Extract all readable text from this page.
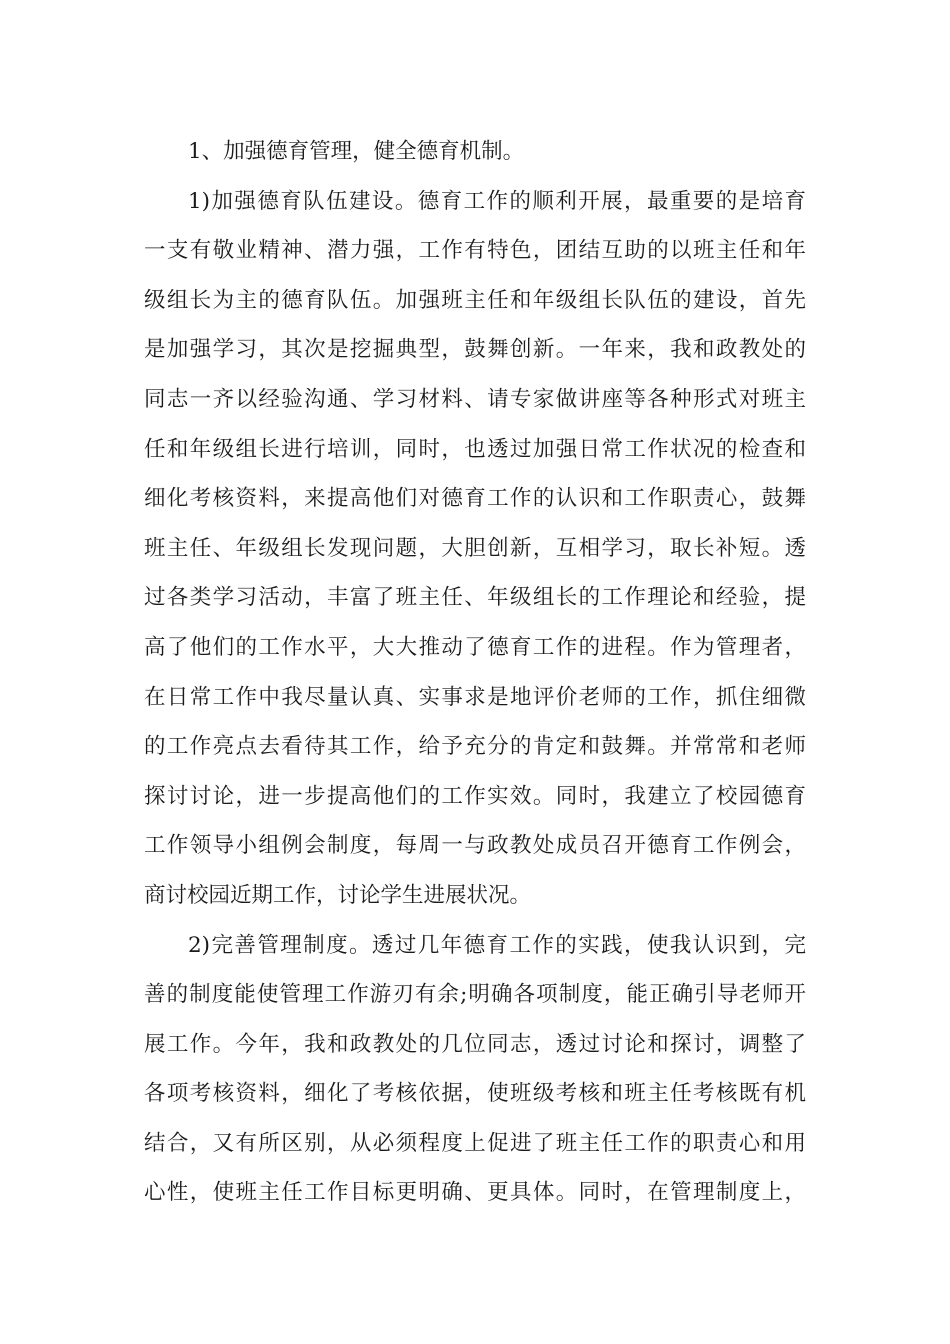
1、加强德育管理，健全德育机制。
1)加强德育队伍建设。德育工作的顺利开展，最重要的是培育
一支有敬业精神、潜力强，工作有特色，团结互助的以班主任和年
级组长为主的德育队伍。加强班主任和年级组长队伍的建设，首先
是加强学习，其次是挖掘典型，鼓舞创新。一年来，我和政教处的
同志一齐以经验沟通、学习材料、请专家做讲座等各种形式对班主
任和年级组长进行培训，同时，也透过加强日常工作状况的检查和
细化考核资料，来提高他们对德育工作的认识和工作职责心，鼓舞
班主任、年级组长发现问题，大胆创新，互相学习，取长补短。透
过各类学习活动，丰富了班主任、年级组长的工作理论和经验，提
高了他们的工作水平，大大推动了德育工作的进程。作为管理者，
在日常工作中我尽量认真、实事求是地评价老师的工作，抓住细微
的工作亮点去看待其工作，给予充分的肯定和鼓舞。并常常和老师
探讨讨论，进一步提高他们的工作实效。同时，我建立了校园德育
工作领导小组例会制度，每周一与政教处成员召开德育工作例会，
商讨校园近期工作，讨论学生进展状况。
2)完善管理制度。透过几年德育工作的实践，使我认识到，完
善的制度能使管理工作游刃有余;明确各项制度，能正确引导老师开
展工作。今年，我和政教处的几位同志，透过讨论和探讨，调整了
各项考核资料，细化了考核依据，使班级考核和班主任考核既有机
结合，又有所区别，从必须程度上促进了班主任工作的职责心和用
心性，使班主任工作目标更明确、更具体。同时，在管理制度上，
